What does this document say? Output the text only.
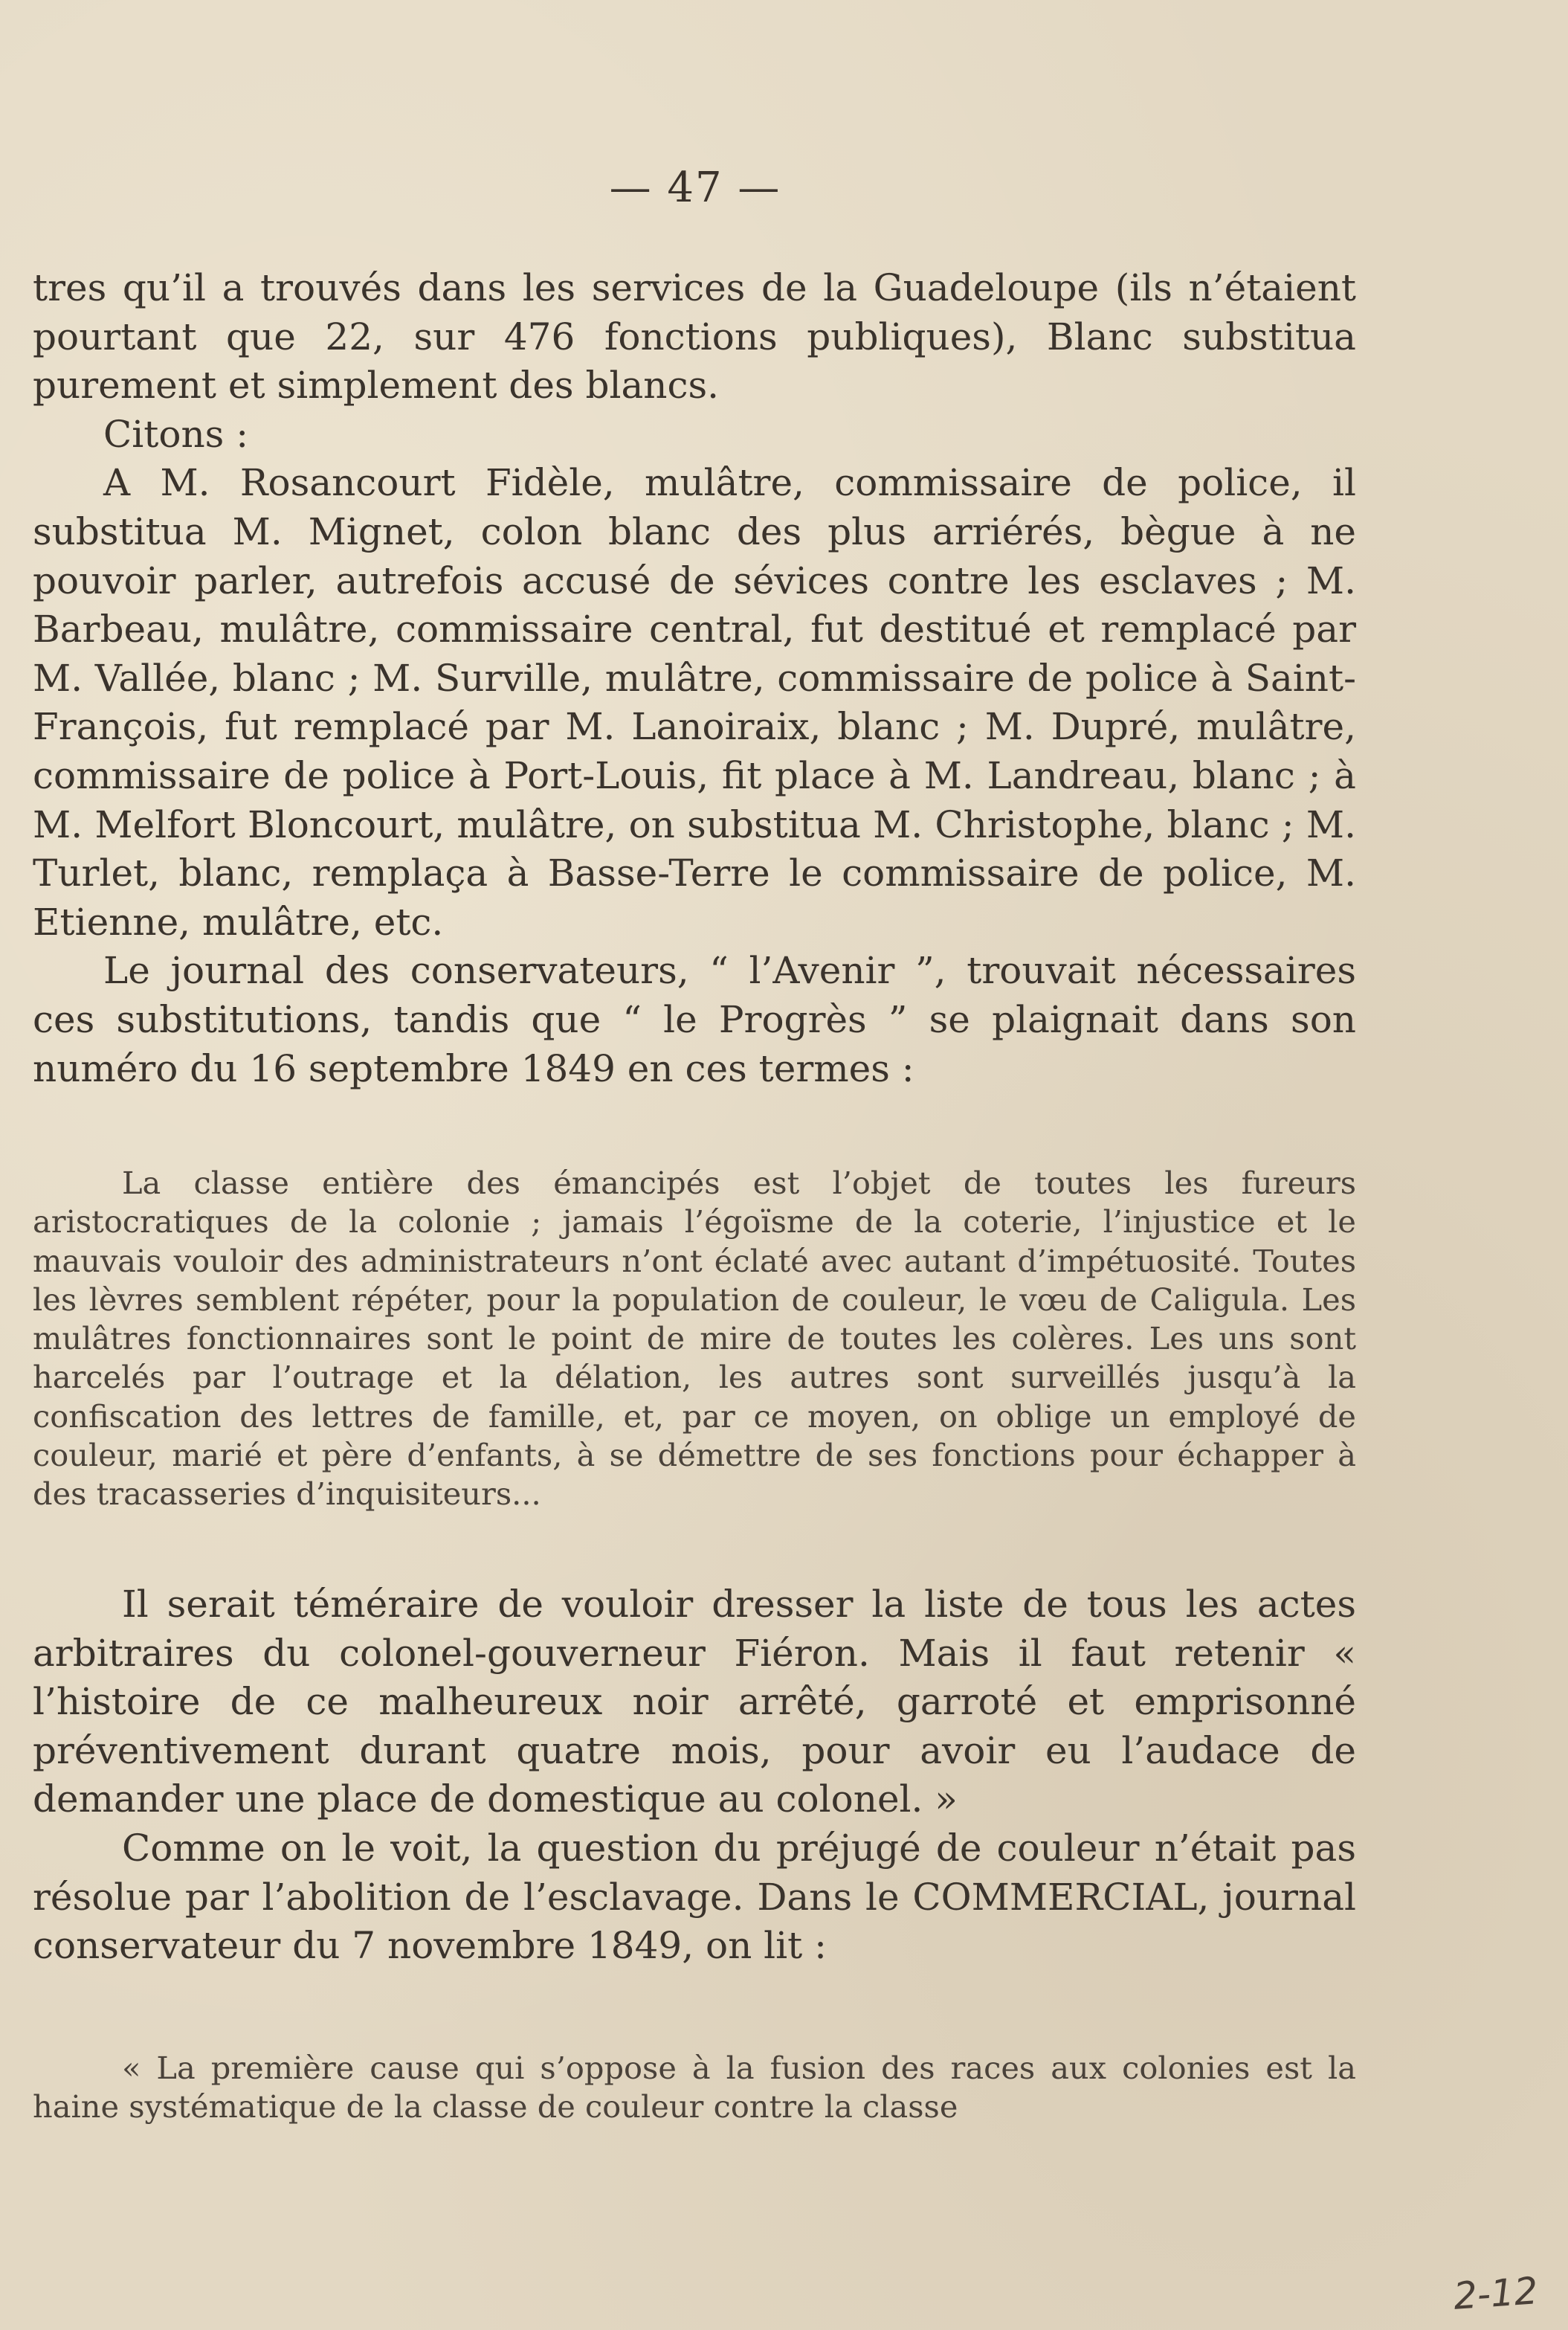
— 47 —

tres qu’il a trouvés dans les services de la Guadeloupe (ils n’étaient pourtant que 22, sur 476 fonctions publiques), Blanc substitua purement et simplement des blancs.

Citons :

A M. Rosancourt Fidèle, mulâtre, commissaire de police, il substitua M. Mignet, colon blanc des plus arriérés, bègue à ne pouvoir parler, autrefois accusé de sévices contre les esclaves ; M. Barbeau, mulâtre, commissaire central, fut destitué et remplacé par M. Vallée, blanc ; M. Surville, mulâtre, commissaire de police à Saint-François, fut remplacé par M. Lanoiraix, blanc ; M. Dupré, mulâtre, commissaire de police à Port-Louis, fit place à M. Landreau, blanc ; à M. Melfort Bloncourt, mulâtre, on substitua M. Christophe, blanc ; M. Turlet, blanc, remplaça à Basse-Terre le commissaire de police, M. Etienne, mulâtre, etc.

Le journal des conservateurs, “ l’Avenir ”, trouvait nécessaires ces substitutions, tandis que “ le Progrès ” se plaignait dans son numéro du 16 septembre 1849 en ces termes :

La classe entière des émancipés est l’objet de toutes les fureurs aristocratiques de la colonie ; jamais l’égoïsme de la coterie, l’injustice et le mauvais vouloir des administrateurs n’ont éclaté avec autant d’impétuosité. Toutes les lèvres semblent répéter, pour la population de couleur, le vœu de Caligula. Les mulâtres fonctionnaires sont le point de mire de toutes les colères. Les uns sont harcelés par l’outrage et la délation, les autres sont surveillés jusqu’à la confiscation des lettres de famille, et, par ce moyen, on oblige un employé de couleur, marié et père d’enfants, à se démettre de ses fonctions pour échapper à des tracasseries d’inquisiteurs...

Il serait téméraire de vouloir dresser la liste de tous les actes arbitraires du colonel-gouverneur Fiéron. Mais il faut retenir « l’histoire de ce malheureux noir arrêté, garroté et emprisonné préventivement durant quatre mois, pour avoir eu l’audace de demander une place de domestique au colonel. »

Comme on le voit, la question du préjugé de couleur n’était pas résolue par l’abolition de l’esclavage. Dans le COMMERCIAL, journal conservateur du 7 novembre 1849, on lit :

« La première cause qui s’oppose à la fusion des races aux colonies est la haine systématique de la classe de couleur contre la classe

2-12
